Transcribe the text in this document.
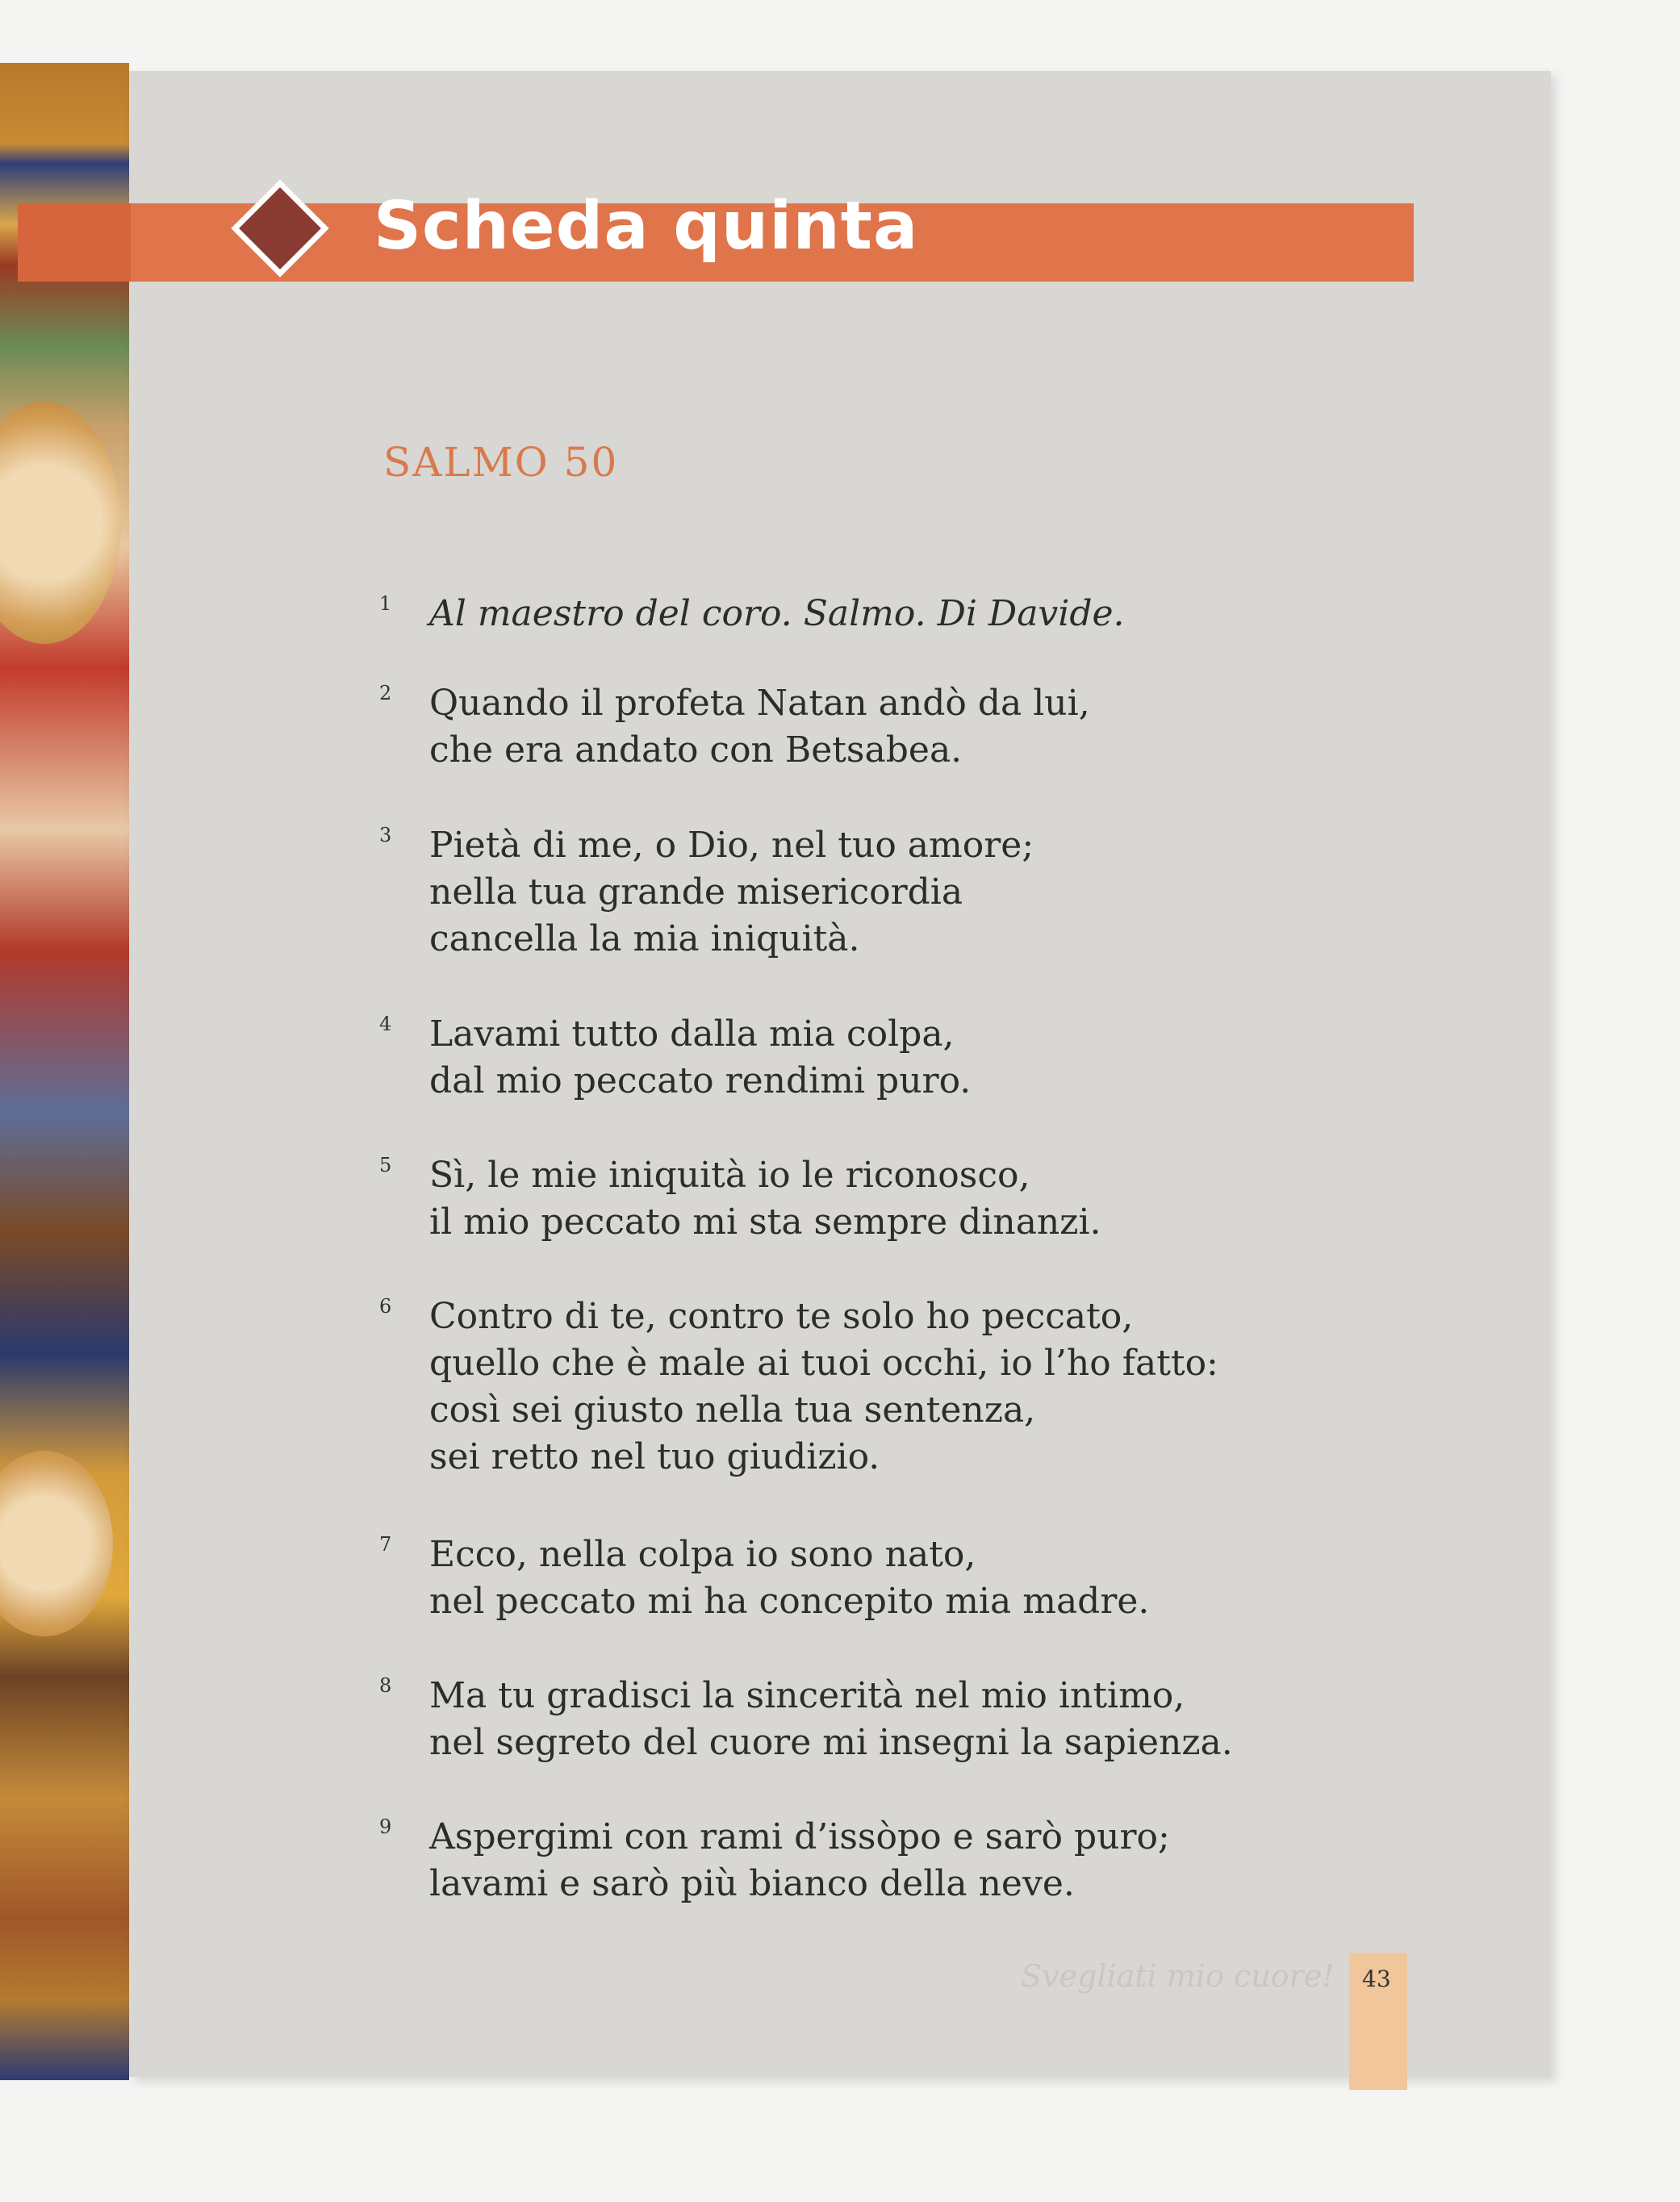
Scheda quinta
SALMO 50
1 Al maestro del coro. Salmo. Di Davide.
2 Quando il profeta Natan andò da lui,
che era andato con Betsabea.
3 Pietà di me, o Dio, nel tuo amore;
nella tua grande misericordia
cancella la mia iniquità.
4 Lavami tutto dalla mia colpa,
dal mio peccato rendimi puro.
5 Sì, le mie iniquità io le riconosco,
il mio peccato mi sta sempre dinanzi.
6 Contro di te, contro te solo ho peccato,
quello che è male ai tuoi occhi, io l’ho fatto:
così sei giusto nella tua sentenza,
sei retto nel tuo giudizio.
7 Ecco, nella colpa io sono nato,
nel peccato mi ha concepito mia madre.
8 Ma tu gradisci la sincerità nel mio intimo,
nel segreto del cuore mi insegni la sapienza.
9 Aspergimi con rami d’issòpo e sarò puro;
lavami e sarò più bianco della neve.
Svegliati mio cuore! 43
